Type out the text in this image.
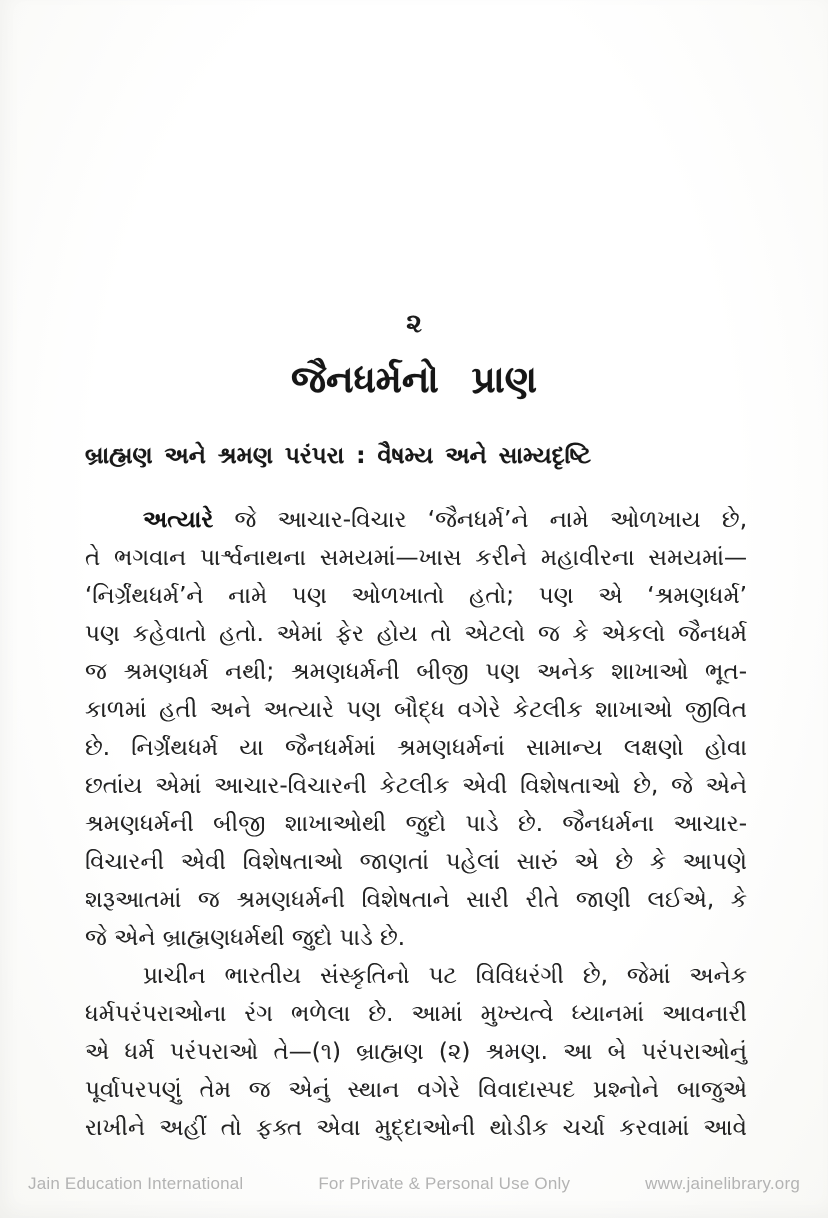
૨
જૈનધર્મનો પ્રાણ
બ્રાહ્મણ અને શ્રમણ પરંપરા : વૈષમ્ય અને સામ્યદૃષ્ટિ
અત્યારે જે આચાર-વિચાર ‘જૈનધર્મ’ને નામે ઓળખાય છે,
તે ભગવાન પાર્શ્વનાથના સમયમાં—ખાસ કરીને મહાવીરના સમયમાં—
‘નિર્ગ્રંથધર્મ’ને નામે પણ ઓળખાતો હતો; પણ એ ‘શ્રમણધર્મ’
પણ કહેવાતો હતો. એમાં ફેર હોય તો એટલો જ કે એકલો જૈનધર્મ
જ શ્રમણધર્મ નથી; શ્રમણધર્મની બીજી પણ અનેક શાખાઓ ભૂત-
કાળમાં હતી અને અત્યારે પણ બૌદ્ધ વગેરે કેટલીક શાખાઓ જીવિત
છે. નિર્ગ્રંથધર્મ યા જૈનધર્મમાં શ્રમણધર્મનાં સામાન્ય લક્ષણો હોવા
છતાંય એમાં આચાર-વિચારની કેટલીક એવી વિશેષતાઓ છે, જે એને
શ્રમણધર્મની બીજી શાખાઓથી જુદો પાડે છે. જૈનધર્મના આચાર-
વિચારની એવી વિશેષતાઓ જાણતાં પહેલાં સારું એ છે કે આપણે
શરૂઆતમાં જ શ્રમણધર્મની વિશેષતાને સારી રીતે જાણી લઈએ, કે
જે એને બ્રાહ્મણધર્મથી જુદો પાડે છે.
પ્રાચીન ભારતીય સંસ્કૃતિનો પટ વિવિધરંગી છે, જેમાં અનેક
ધર્મપરંપરાઓના રંગ ભળેલા છે. આમાં મુખ્યત્વે ધ્યાનમાં આવનારી
એ ધર્મ પરંપરાઓ તે—(૧) બ્રાહ્મણ (૨) શ્રમણ. આ બે પરંપરાઓનું
પૂર્વાપરપણું તેમ જ એનું સ્થાન વગેરે વિવાદાસ્પદ પ્રશ્નોને બાજુએ
રાખીને અહીં તો ફક્ત એવા મુદ્દાઓની થોડીક ચર્ચા કરવામાં આવે
Jain Education International	For Private & Personal Use Only	www.jainelibrary.org
